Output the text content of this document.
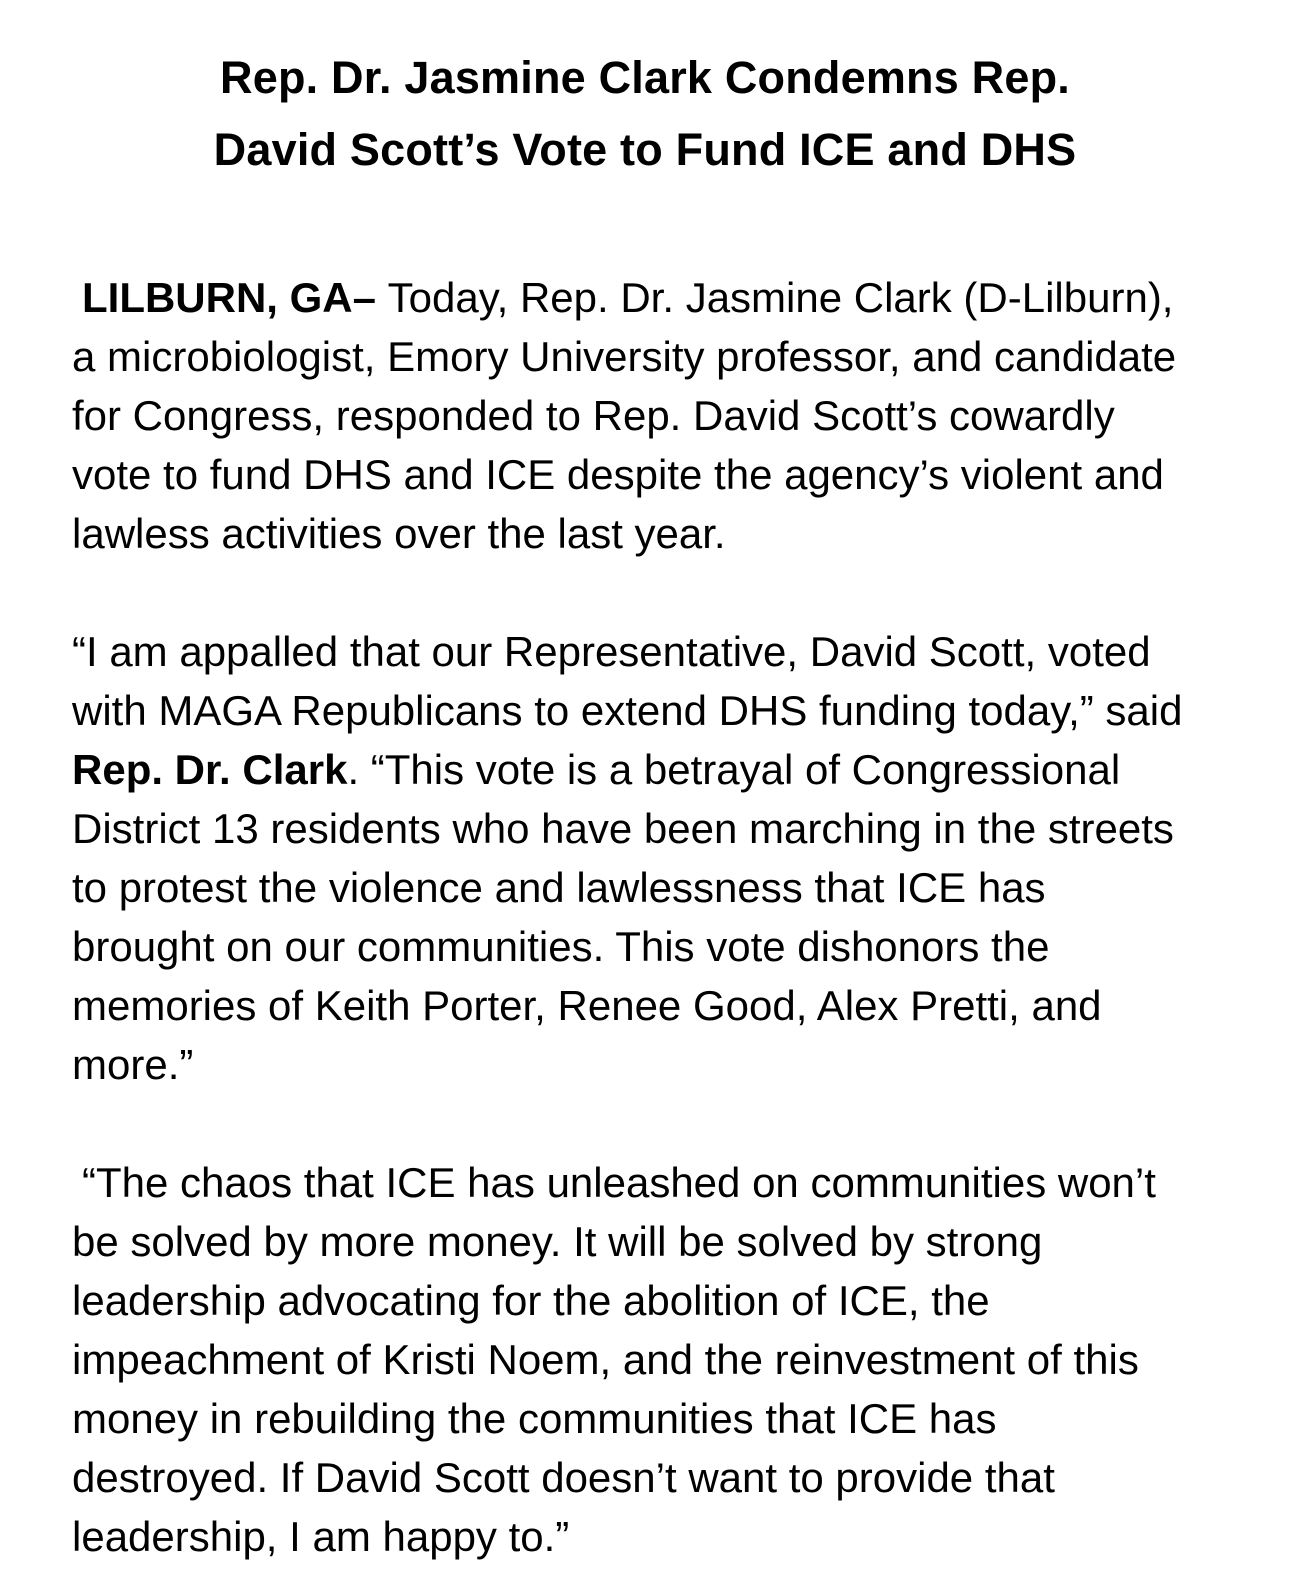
Rep. Dr. Jasmine Clark Condemns Rep.
David Scott’s Vote to Fund ICE and DHS

LILBURN, GA– Today, Rep. Dr. Jasmine Clark (D-Lilburn), a microbiologist, Emory University professor, and candidate for Congress, responded to Rep. David Scott’s cowardly vote to fund DHS and ICE despite the agency’s violent and lawless activities over the last year.

“I am appalled that our Representative, David Scott, voted with MAGA Republicans to extend DHS funding today,” said Rep. Dr. Clark. “This vote is a betrayal of Congressional District 13 residents who have been marching in the streets to protest the violence and lawlessness that ICE has brought on our communities. This vote dishonors the memories of Keith Porter, Renee Good, Alex Pretti, and more.”

“The chaos that ICE has unleashed on communities won’t be solved by more money. It will be solved by strong leadership advocating for the abolition of ICE, the impeachment of Kristi Noem, and the reinvestment of this money in rebuilding the communities that ICE has destroyed. If David Scott doesn’t want to provide that leadership, I am happy to.”
